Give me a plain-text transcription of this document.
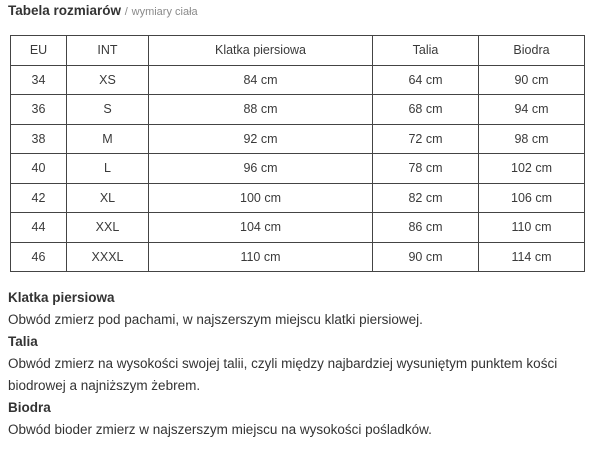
Tabela rozmiarów / wymiary ciała
EU	INT	Klatka piersiowa	Talia	Biodra
34	XS	84 cm	64 cm	90 cm
36	S	88 cm	68 cm	94 cm
38	M	92 cm	72 cm	98 cm
40	L	96 cm	78 cm	102 cm
42	XL	100 cm	82 cm	106 cm
44	XXL	104 cm	86 cm	110 cm
46	XXXL	110 cm	90 cm	114 cm
Klatka piersiowa
Obwód zmierz pod pachami, w najszerszym miejscu klatki piersiowej.
Talia
Obwód zmierz na wysokości swojej talii, czyli między najbardziej wysuniętym punktem kości biodrowej a najniższym żebrem.
Biodra
Obwód bioder zmierz w najszerszym miejscu na wysokości pośladków.
